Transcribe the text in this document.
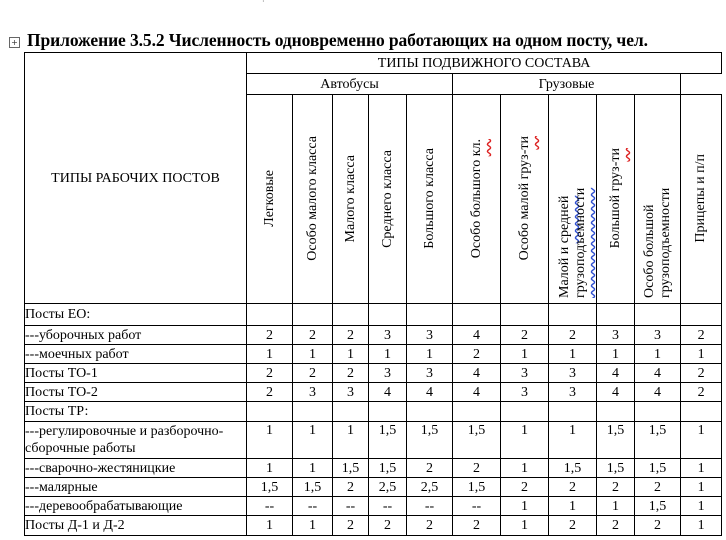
·
+ Приложение 3.5.2 Численность одновременно работающих на одном посту, чел.
ТИПЫ РАБОЧИХ ПОСТОВ	ТИПЫ ПОДВИЖНОГО СОСТАВА										
	Автобусы					Грузовые					
	Легковые	Особо малого класса	Малого класса	Среднего класса	Большого класса	Особо большого кл.	Особо малой груз-ти	Малой и средней грузоподъемности	Большой груз-ти	Особо большой грузоподъемности	Прицепы и п/п
Посты ЕО:											
---уборочных работ	2	2	2	3	3	4	2	2	3	3	2
---моечных работ	1	1	1	1	1	2	1	1	1	1	1
Посты ТО-1	2	2	2	3	3	4	3	3	4	4	2
Посты ТО-2	2	3	3	4	4	4	3	3	4	4	2
Посты ТР:											
---регулировочные и разборочно-сборочные работы	1	1	1	1,5	1,5	1,5	1	1	1,5	1,5	1
---сварочно-жестяницкие	1	1	1,5	1,5	2	2	1	1,5	1,5	1,5	1
---малярные	1,5	1,5	2	2,5	2,5	1,5	2	2	2	2	1
---деревообрабатывающие	--	--	--	--	--	--	1	1	1	1,5	1
Посты Д-1 и Д-2	1	1	2	2	2	2	1	2	2	2	1
